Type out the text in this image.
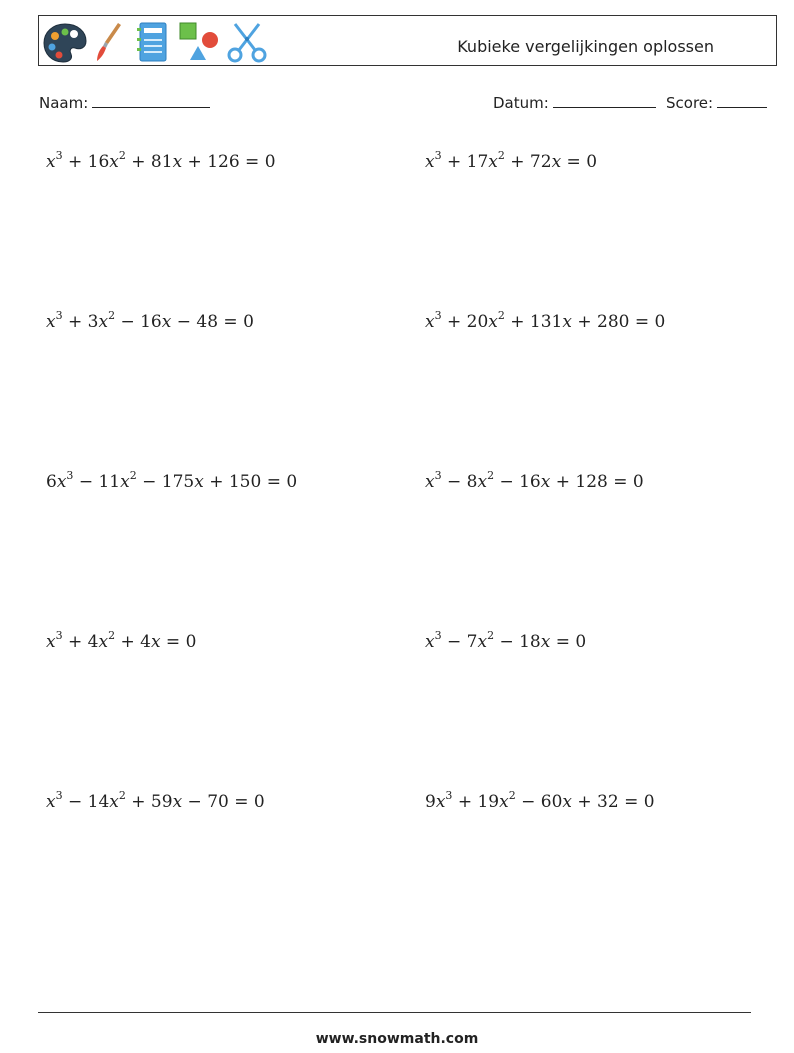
Kubieke vergelijkingen oplossen
Naam:	Datum:	Score:
$x^3 + 16x^2 + 81x + 126 = 0$	$x^3 + 17x^2 + 72x = 0$
$x^3 + 3x^2 - 16x - 48 = 0$	$x^3 + 20x^2 + 131x + 280 = 0$
$6x^3 - 11x^2 - 175x + 150 = 0$	$x^3 - 8x^2 - 16x + 128 = 0$
$x^3 + 4x^2 + 4x = 0$	$x^3 - 7x^2 - 18x = 0$
$x^3 - 14x^2 + 59x - 70 = 0$	$9x^3 + 19x^2 - 60x + 32 = 0$
www.snowmath.com
